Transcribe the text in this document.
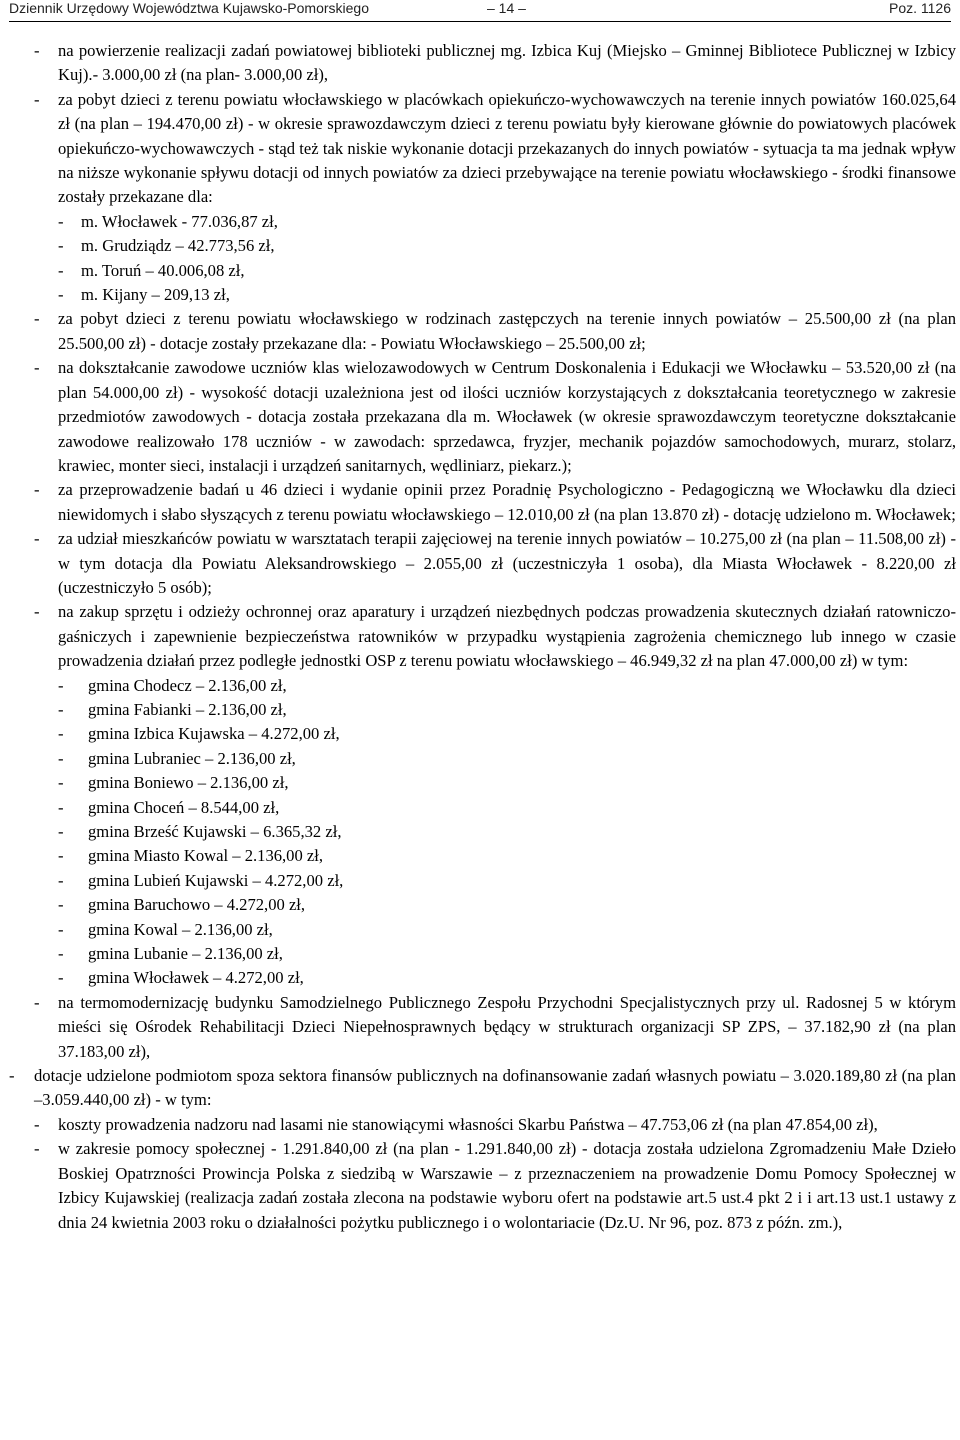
Dziennik Urzędowy Województwa Kujawsko-Pomorskiego	– 14 –	Poz. 1126

- na powierzenie realizacji zadań powiatowej biblioteki publicznej mg. Izbica Kuj (Miejsko – Gminnej Bibliotece Publicznej w Izbicy Kuj).- 3.000,00 zł (na plan- 3.000,00 zł),

- za pobyt dzieci z terenu powiatu włocławskiego w placówkach opiekuńczo-wychowawczych na terenie innych powiatów 160.025,64 zł (na plan – 194.470,00 zł) - w okresie sprawozdawczym dzieci z terenu powiatu były kierowane głównie do powiatowych placówek opiekuńczo-wychowawczych - stąd też tak niskie wykonanie dotacji przekazanych do innych powiatów - sytuacja ta ma jednak wpływ na niższe wykonanie spływu dotacji od innych powiatów za dzieci przebywające na terenie powiatu włocławskiego - środki finansowe zostały przekazane dla:

- m. Włocławek - 77.036,87 zł,

- m. Grudziądz – 42.773,56 zł,

- m. Toruń – 40.006,08 zł,

- m. Kijany – 209,13 zł,

- za pobyt dzieci z terenu powiatu włocławskiego w rodzinach zastępczych na terenie innych powiatów – 25.500,00 zł (na plan 25.500,00 zł) - dotacje zostały przekazane dla: - Powiatu Włocławskiego – 25.500,00 zł;

- na dokształcanie zawodowe uczniów klas wielozawodowych w Centrum Doskonalenia i Edukacji we Włocławku – 53.520,00 zł (na plan 54.000,00 zł) - wysokość dotacji uzależniona jest od ilości uczniów korzystających z dokształcania teoretycznego w zakresie przedmiotów zawodowych - dotacja została przekazana dla m. Włocławek (w okresie sprawozdawczym teoretyczne dokształcanie zawodowe realizowało 178 uczniów - w zawodach: sprzedawca, fryzjer, mechanik pojazdów samochodowych, murarz, stolarz, krawiec, monter sieci, instalacji i urządzeń sanitarnych, wędliniarz, piekarz.);

- za przeprowadzenie badań u 46 dzieci i wydanie opinii przez Poradnię Psychologiczno - Pedagogiczną we Włocławku dla dzieci niewidomych i słabo słyszących z terenu powiatu włocławskiego – 12.010,00 zł (na plan 13.870 zł) - dotację udzielono m. Włocławek;

- za udział mieszkańców powiatu w warsztatach terapii zajęciowej na terenie innych powiatów – 10.275,00 zł (na plan – 11.508,00 zł) - w tym dotacja dla Powiatu Aleksandrowskiego – 2.055,00 zł (uczestniczyła 1 osoba), dla Miasta Włocławek - 8.220,00 zł (uczestniczyło 5 osób);

- na zakup sprzętu i odzieży ochronnej oraz aparatury i urządzeń niezbędnych podczas prowadzenia skutecznych działań ratowniczo-gaśniczych i zapewnienie bezpieczeństwa ratowników w przypadku wystąpienia zagrożenia chemicznego lub innego w czasie prowadzenia działań przez podległe jednostki OSP z terenu powiatu włocławskiego – 46.949,32 zł na plan 47.000,00 zł) w tym:

- gmina Chodecz – 2.136,00 zł,

- gmina Fabianki – 2.136,00 zł,

- gmina Izbica Kujawska – 4.272,00 zł,

- gmina Lubraniec – 2.136,00 zł,

- gmina Boniewo – 2.136,00 zł,

- gmina Choceń – 8.544,00 zł,

- gmina Brześć Kujawski – 6.365,32 zł,

- gmina Miasto Kowal – 2.136,00 zł,

- gmina Lubień Kujawski – 4.272,00 zł,

- gmina Baruchowo – 4.272,00 zł,

- gmina Kowal – 2.136,00 zł,

- gmina Lubanie – 2.136,00 zł,

- gmina Włocławek – 4.272,00 zł,

- na termomodernizację budynku Samodzielnego Publicznego Zespołu Przychodni Specjalistycznych przy ul. Radosnej 5 w którym mieści się Ośrodek Rehabilitacji Dzieci Niepełnosprawnych będący w strukturach organizacji SP ZPS, – 37.182,90 zł (na plan 37.183,00 zł),

- dotacje udzielone podmiotom spoza sektora finansów publicznych na dofinansowanie zadań własnych powiatu – 3.020.189,80 zł (na plan –3.059.440,00 zł) - w tym:

- koszty prowadzenia nadzoru nad lasami nie stanowiącymi własności Skarbu Państwa – 47.753,06 zł (na plan 47.854,00 zł),

- w zakresie pomocy społecznej - 1.291.840,00 zł (na plan - 1.291.840,00 zł) - dotacja została udzielona Zgromadzeniu Małe Dzieło Boskiej Opatrzności Prowincja Polska z siedzibą w Warszawie – z przeznaczeniem na prowadzenie Domu Pomocy Społecznej w Izbicy Kujawskiej (realizacja zadań została zlecona na podstawie wyboru ofert na podstawie art.5 ust.4 pkt 2 i i art.13 ust.1 ustawy z dnia 24 kwietnia 2003 roku o działalności pożytku publicznego i o wolontariacie (Dz.U. Nr 96, poz. 873 z późn. zm.),
